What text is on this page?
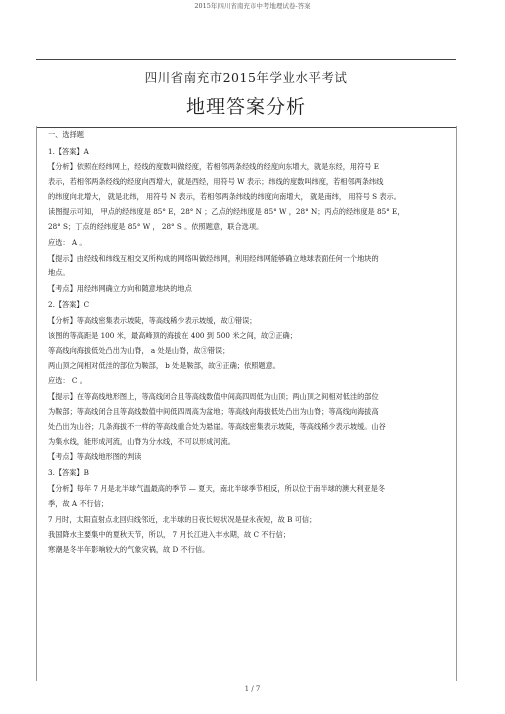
2015年四川省南充市中考地理试卷-答案
四川省南充市2015年学业水平考试
地理答案分析
一、选择题
1.【答案】A
【分析】依照在经纬网上，经线的度数叫做经度，若相邻两条经线的经度向东增大，就是东经，用符号 E
表示，若相邻两条经线的经度向西增大，就是西经，用符号 W 表示；纬线的度数叫纬度，若相邻两条纬线
的纬度向北增大， 就是北纬， 用符号 N 表示，若相邻两条纬线的纬度向南增大， 就是南纬， 用符号 S 表示。
读图提示可知， 甲点的经纬度是 85° E，28° N ；乙点的经纬度是 85° W ，28° N；丙点的经纬度是 85° E，
28° S；丁点的经纬度是 85° W ， 28° S 。依照题意，联合选项。
应选： A 。
【提示】由经线和纬线互相交叉所构成的网络叫做经纬网，利用经纬网能够确立地球表面任何一个地块的
地点。
【考点】用经纬网确立方向和随意地块的地点
2.【答案】C
【分析】等高线密集表示坡陡，等高线稀少表示坡缓，故①错误；
该图的等高距是 100 米，最高峰顶的海拔在 400 到 500 米之间，故②正确；
等高线向海拔低处凸出为山脊， a 处是山脊，故③错误；
两山顶之间相对低洼的部位为鞍部， b 处是鞍部，故④正确；依照题意。
应选： C 。
【提示】在等高线地形图上，等高线闭合且等高线数值中间高四周低为山顶；两山顶之间相对低洼的部位
为鞍部；等高线闭合且等高线数值中间低四周高为盆地；等高线向海拔低处凸出为山脊；等高线向海拔高
处凸出为山谷；几条海拔不一样的等高线重合处为悬崖。等高线密集表示坡陡，等高线稀少表示坡缓。山谷
为集水线，能形成河流，山脊为分水线，不可以形成河流。
【考点】等高线地形图的判读
3.【答案】B
【分析】每年 7 月是北半球气温最高的季节 — 夏天，南北半球季节相反，所以位于南半球的澳大利亚是冬
季，故 A 不行信；
7 月时，太阳直射点北回归线邻近，北半球的日夜长短状况是昼永夜短，故 B 可信；
我国降水主要集中的夏秋天节，所以， 7 月长江进入丰水期，故 C 不行信；
寒潮是冬半年影响较大的气象灾祸，故 D 不行信。
1 / 7
